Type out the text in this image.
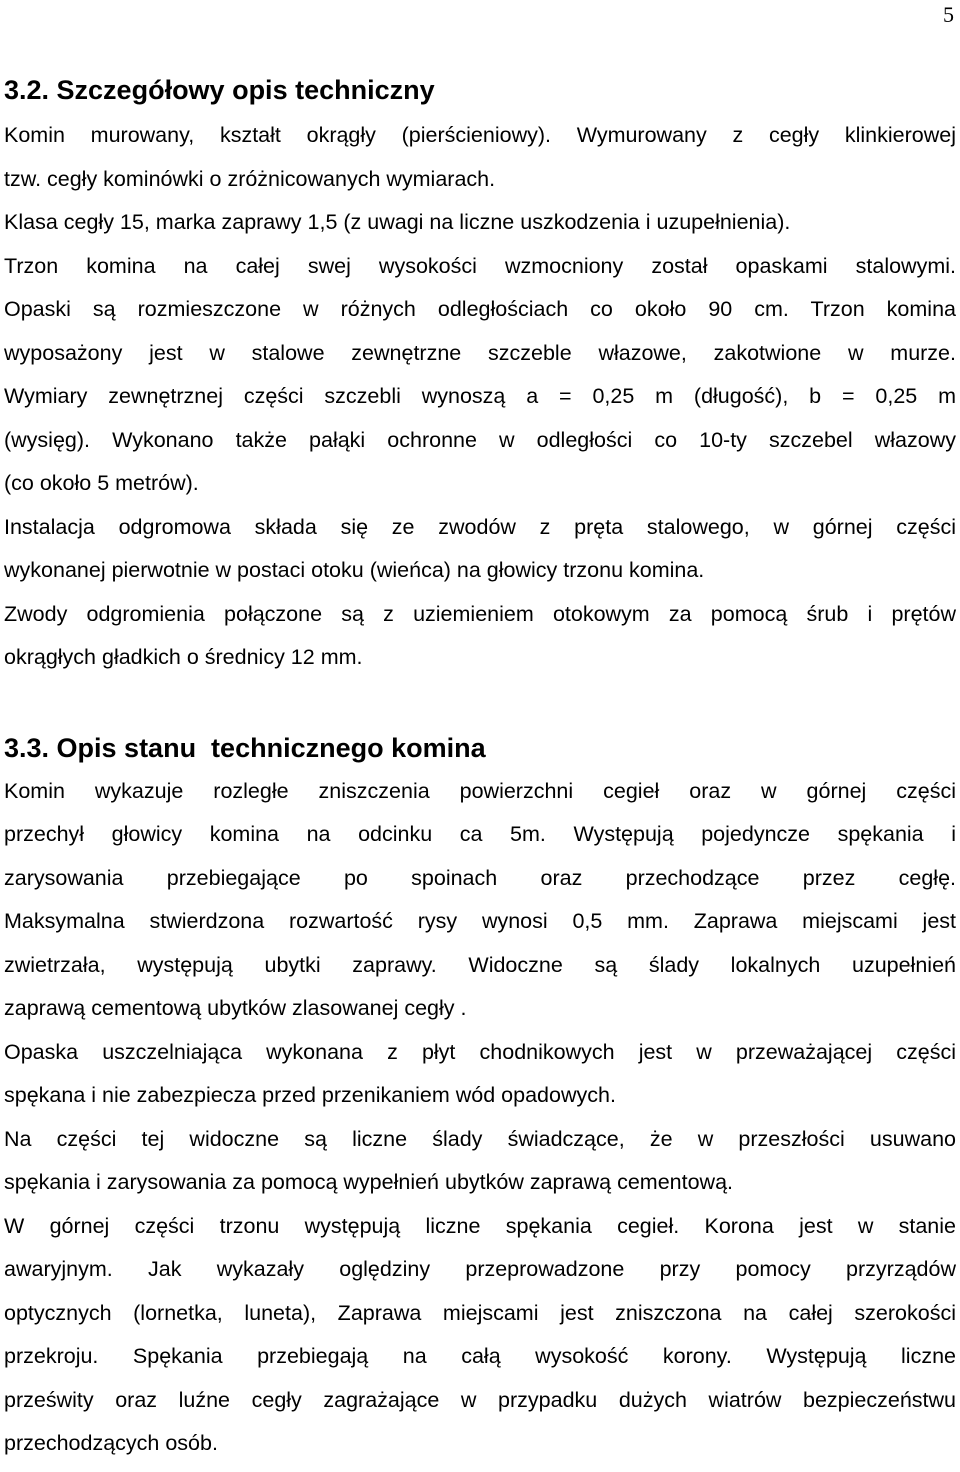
5
3.2. Szczegółowy opis techniczny

Komin murowany, kształt okrągły (pierścieniowy). Wymurowany z cegły klinkierowej
tzw. cegły kominówki o zróżnicowanych wymiarach.

Klasa cegły 15, marka zaprawy 1,5 (z uwagi na liczne uszkodzenia i uzupełnienia).
Trzon komina na całej swej wysokości wzmocniony został opaskami stalowymi.
Opaski są rozmieszczone w różnych odległościach co około 90 cm. Trzon komina
wyposażony jest w stalowe zewnętrzne szczeble włazowe, zakotwione w murze.
Wymiary zewnętrznej części szczebli wynoszą a = 0,25 m (długość), b = 0,25 m
(wysięg). Wykonano także pałąki ochronne w odległości co 10-ty szczebel włazowy
(co około 5 metrów).

Instalacja odgromowa składa się ze zwodów z pręta stalowego, w górnej części
wykonanej pierwotnie w postaci otoku (wieńca) na głowicy trzonu komina.

Zwody odgromienia połączone są z uziemieniem otokowym za pomocą śrub i prętów
okrągłych gładkich o średnicy 12 mm.

3.3. Opis stanu  technicznego komina

Komin wykazuje rozległe zniszczenia powierzchni cegieł oraz w górnej części
przechył głowicy komina na odcinku ca 5m. Występują pojedyncze spękania i
zarysowania przebiegające po spoinach oraz przechodzące przez cegłę.
Maksymalna stwierdzona rozwartość rysy wynosi 0,5 mm. Zaprawa miejscami jest
zwietrzała, występują ubytki zaprawy. Widoczne są ślady lokalnych uzupełnień
zaprawą cementową ubytków zlasowanej cegły .

Opaska uszczelniająca wykonana z płyt chodnikowych jest w przeważającej części
spękana i nie zabezpiecza przed przenikaniem wód opadowych.

Na części tej widoczne są liczne ślady świadczące, że w przeszłości usuwano
spękania i zarysowania za pomocą wypełnień ubytków zaprawą cementową.

W górnej części trzonu występują liczne spękania cegieł. Korona jest w stanie
awaryjnym. Jak wykazały oględziny przeprowadzone przy pomocy przyrządów
optycznych (lornetka, luneta), Zaprawa miejscami jest zniszczona na całej szerokości
przekroju. Spękania przebiegają na całą wysokość korony. Występują liczne
prześwity oraz luźne cegły zagrażające w przypadku dużych wiatrów bezpieczeństwu
przechodzących osób.
